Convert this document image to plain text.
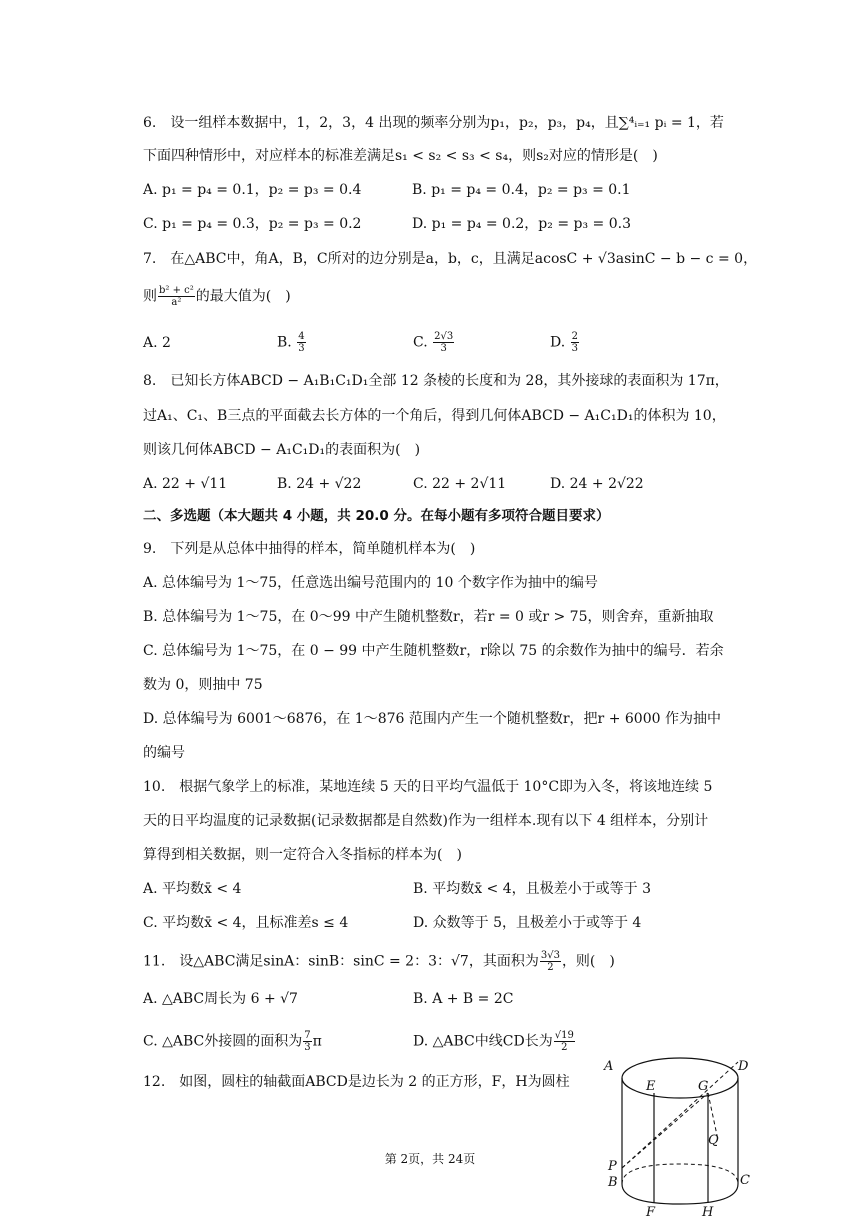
6.　设一组样本数据中，1，2，3，4 出现的频率分别为p₁，p₂，p₃，p₄，且∑⁴ᵢ₌₁ pᵢ = 1，若
下面四种情形中，对应样本的标准差满足s₁ < s₂ < s₃ < s₄，则s₂对应的情形是(　)
A. p₁ = p₄ = 0.1，p₂ = p₃ = 0.4	B. p₁ = p₄ = 0.4，p₂ = p₃ = 0.1
C. p₁ = p₄ = 0.3，p₂ = p₃ = 0.2	D. p₁ = p₄ = 0.2，p₂ = p₃ = 0.3
7.　在△ABC中，角A，B，C所对的边分别是a，b，c，且满足acosC + √3asinC − b − c = 0，
则 $\frac{\text{b² + c²}}{\text{a²}}$ 的最大值为(　)
A. 2	B. $\frac{4}{3}$	C. $\frac{2√3}{3}$	D. $\frac{2}{3}$
8.　已知长方体ABCD − A₁B₁C₁D₁全部 12 条棱的长度和为 28，其外接球的表面积为 17π，
过A₁、C₁、B三点的平面截去长方体的一个角后，得到几何体ABCD − A₁C₁D₁的体积为 10，
则该几何体ABCD − A₁C₁D₁的表面积为(　)
A. 22 + √11	B. 24 + √22	C. 22 + 2√11	D. 24 + 2√22
二、多选题（本大题共 4 小题，共 20.0 分。在每小题有多项符合题目要求）
9.　下列是从总体中抽得的样本，简单随机样本为(　)
A. 总体编号为 1～75，任意选出编号范围内的 10 个数字作为抽中的编号
B. 总体编号为 1～75，在 0～99 中产生随机整数r，若r = 0 或r > 75，则舍弃，重新抽取
C. 总体编号为 1～75，在 0 − 99 中产生随机整数r，r除以 75 的余数作为抽中的编号．若余
数为 0，则抽中 75
D. 总体编号为 6001～6876，在 1～876 范围内产生一个随机整数r，把r + 6000 作为抽中
的编号
10.　根据气象学上的标准，某地连续 5 天的日平均气温低于 10°C即为入冬，将该地连续 5
天的日平均温度的记录数据(记录数据都是自然数)作为一组样本.现有以下 4 组样本，分别计
算得到相关数据，则一定符合入冬指标的样本为(　)
A. 平均数x̄ < 4	B. 平均数x̄ < 4，且极差小于或等于 3
C. 平均数x̄ < 4，且标准差s ≤ 4	D. 众数等于 5，且极差小于或等于 4
11.　设△ABC满足sinA：sinB：sinC = 2：3：√7，其面积为 $\frac{3√3}{2}$ ，则(　)
A. △ABC周长为 6 + √7	B. A + B = 2C
C. △ABC外接圆的面积为 $\frac{7}{3}$ π	D. △ABC中线CD长为 $\frac{√19}{2}$
12.　如图，圆柱的轴截面ABCD是边长为 2 的正方形，F，H为圆柱
A
E	G
D
Q
P
B
F	H
C
第 2页，共 24页
